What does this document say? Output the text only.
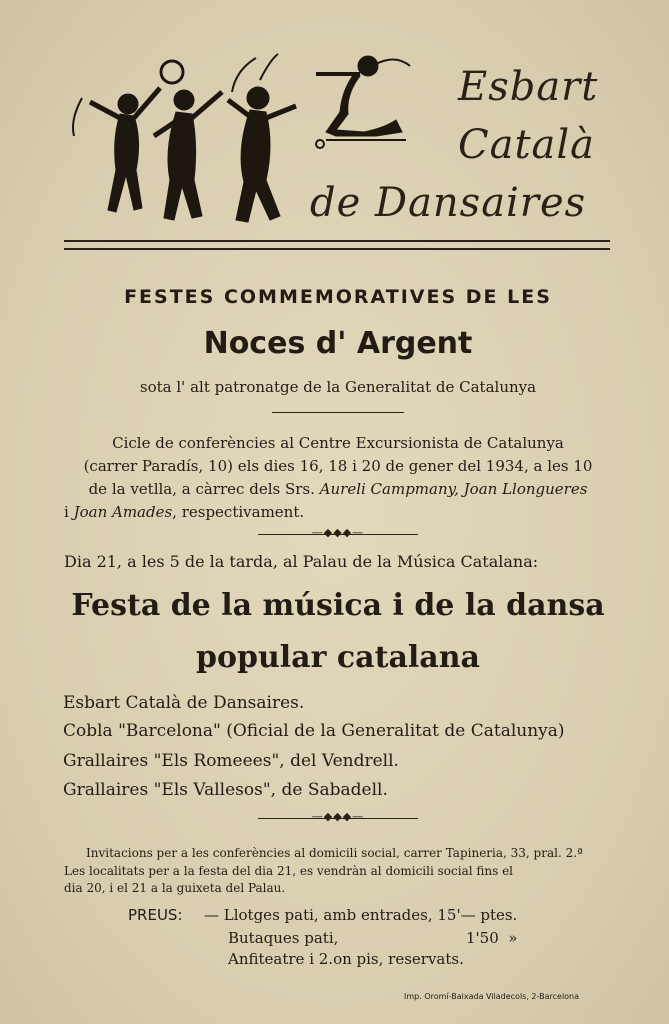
Esbart
Català
de Dansaires
FESTES COMMEMORATIVES DE LES
Noces d' Argent
sota l' alt patronatge de la Generalitat de Catalunya
Cicle de conferències al Centre Excursionista de Catalunya
(carrer Paradís, 10) els dies 16, 18 i 20 de gener del 1934, a les 10
de la vetlla, a càrrec dels Srs. Aureli Campmany, Joan Llongueres
i Joan Amades, respectivament.
—◆◆◆—
Dia 21, a les 5 de la tarda, al Palau de la Música Catalana:
Festa de la música i de la dansa
popular catalana
Esbart Català de Dansaires.
Cobla "Barcelona" (Oficial de la Generalitat de Catalunya)
Grallaires "Els Romeees", del Vendrell.
Grallaires "Els Vallesos", de Sabadell.
—◆◆◆—
Invitacions per a les conferències al domicili social, carrer Tapineria, 33, pral. 2.ª
Les localitats per a la festa del dia 21, es vendràn al domicili social fins el
dia 20, i el 21 a la guixeta del Palau.
PREUS: — Llotges pati, amb entrades, 15'— ptes.
Butaques pati,	1'50  »
Anfiteatre i 2.on pis, reservats.
Imp. Oromí-Baixada Viladecols, 2-Barcelona
